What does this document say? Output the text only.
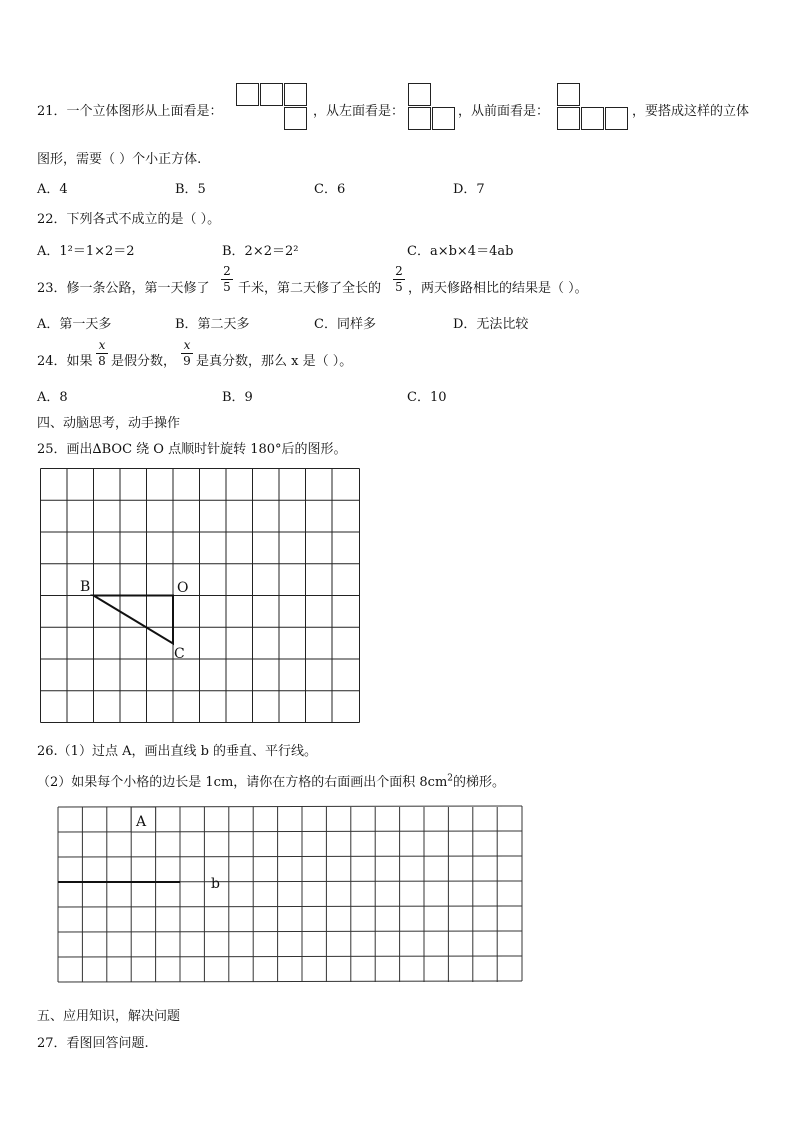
21．一个立体图形从上面看是：	，从左面看是：	，从前面看是：	，要搭成这样的立体
图形，需要（ ）个小正方体.
A．4	B．5	C．6	D．7
22．下列各式不成立的是（ ）。
A．1²＝1×2＝2	B．2×2＝2²	C．a×b×4＝4ab
23．修一条公路，第一天修了
2
5 千米，第二天修了全长的
2
5 ，两天修路相比的结果是（ ）。
A．第一天多	B．第二天多	C．同样多	D．无法比较
24．如果
x
8 是假分数，
x
9 是真分数，那么 x 是（ ）。
A．8	B．9	C．10
四、动脑思考，动手操作
25．画出∆BOC 绕 O 点顺时针旋转 180°后的图形。
B	O
C
26.（1）过点 A，画出直线 b 的垂直、平行线。
（2）如果每个小格的边长是 1cm，请你在方格的右面画出个面积 $8cm^2$的梯形。
A
b
五、应用知识，解决问题
27．看图回答问题.
